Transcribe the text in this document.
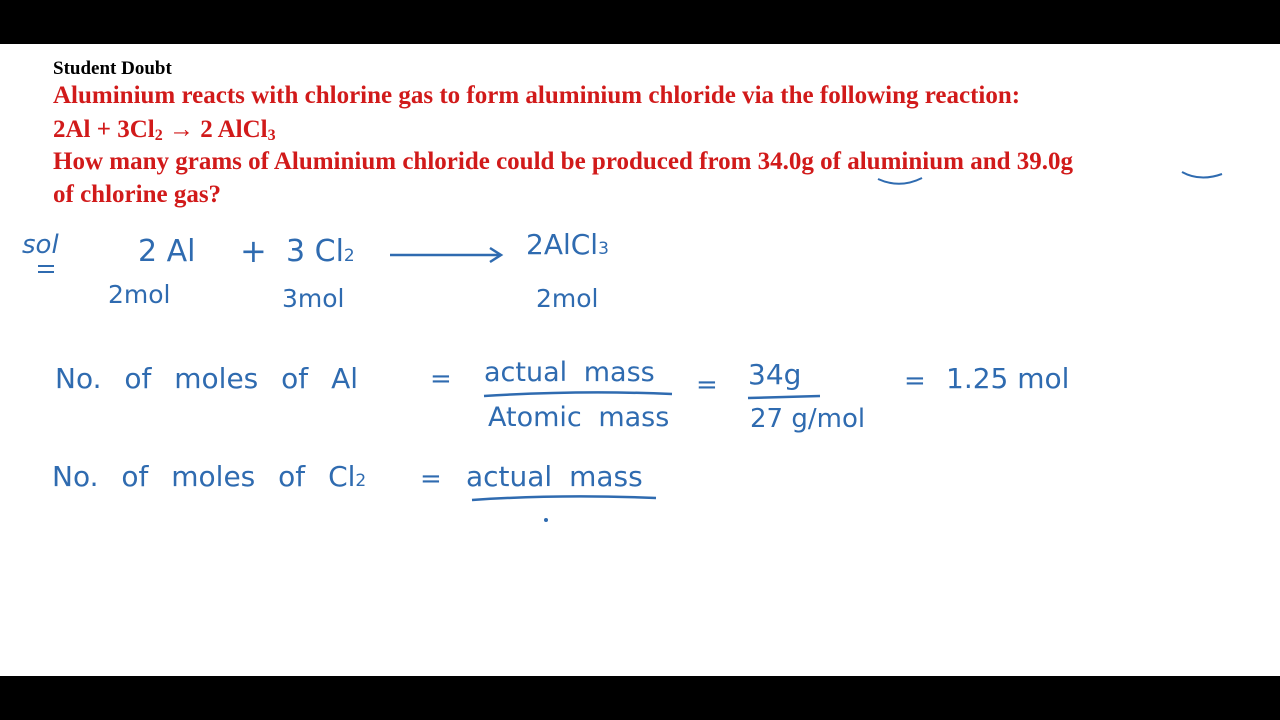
Student Doubt
Aluminium reacts with chlorine gas to form aluminium chloride via the following reaction:
$2Al + 3Cl_2 \to 2$ AlCl$_3$
How many grams of Aluminium chloride could be produced from 34.0g of aluminium and 39.0g
of chlorine gas?
sol	2 Al + 3 Cl2	2AlCl3
2mol	3mol	2mol
No. of moles of Al	= actual mass
Atomic mass
= 34g
27 g/mol
= 1.25 mol
No. of moles of Cl2 = actual mass
